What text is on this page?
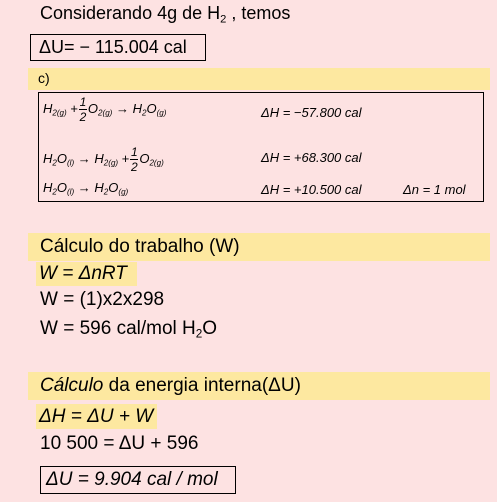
Considerando 4g de $H_2$ , temos
ΔU= − 115.004 cal
c)
$H_{2(g)} + \frac{1}{2} O_{2(g)} \to H_2O_{(g)}$	ΔH = −57.800 cal
$H_2O_{(l)} \to H_{2(g)} + \frac{1}{2} O_{2(g)}$	ΔH = +68.300 cal
$H_2O_{(l)} \to H_2O_{(g)}$	ΔH = +10.500 cal	Δn = 1 mol
Cálculo do trabalho (W)
W = ΔnRT
W = (1)x2x298
W = 596 cal/mol $H_2O$
Cálculo da energia interna(ΔU)
ΔH = ΔU + W
10 500 = ΔU + 596
ΔU = 9.904 cal / mol
